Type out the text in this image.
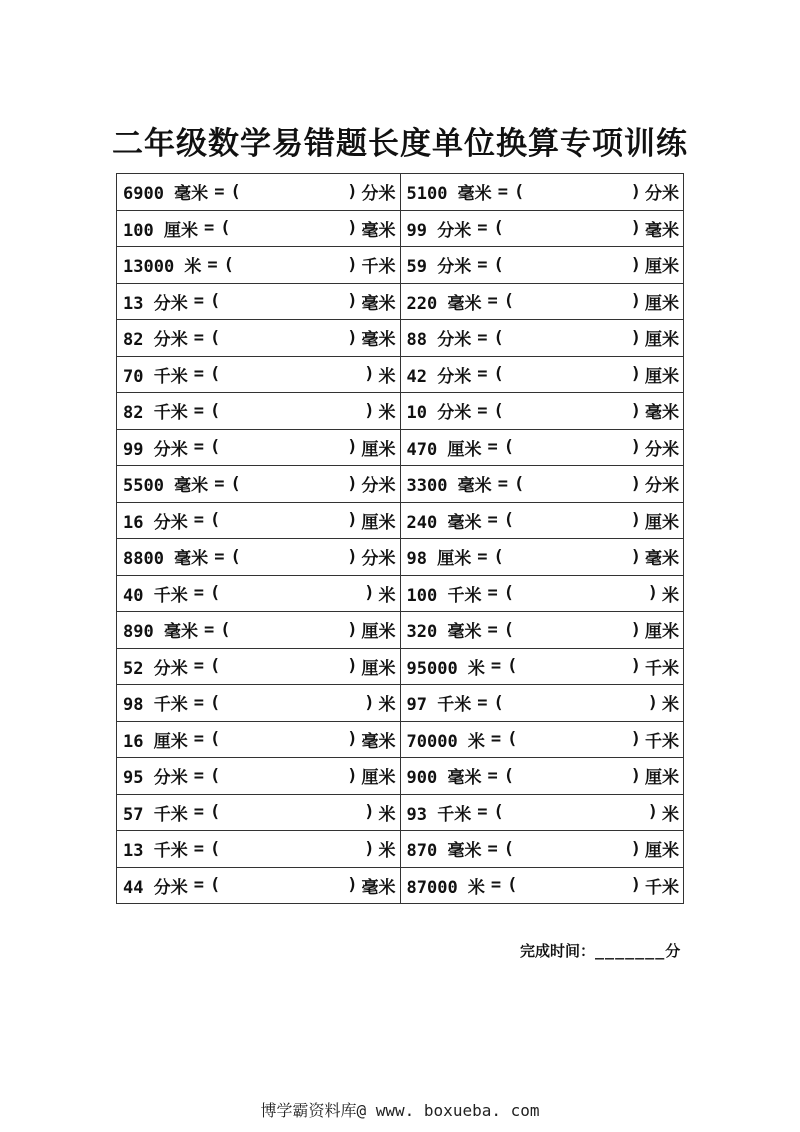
二年级数学易错题长度单位换算专项训练
6900 毫米 = ( ) 分米	5100 毫米 = ( ) 分米

100 厘米 = ( ) 毫米	99 分米 = ( ) 毫米

13000 米 = ( ) 千米	59 分米 = ( ) 厘米

13 分米 = ( ) 毫米	220 毫米 = ( ) 厘米

82 分米 = ( ) 毫米	88 分米 = ( ) 厘米

70 千米 = ( ) 米	42 分米 = ( ) 厘米

82 千米 = ( ) 米	10 分米 = ( ) 毫米

99 分米 = ( ) 厘米	470 厘米 = ( ) 分米

5500 毫米 = ( ) 分米	3300 毫米 = ( ) 分米

16 分米 = ( ) 厘米	240 毫米 = ( ) 厘米

8800 毫米 = ( ) 分米	98 厘米 = ( ) 毫米

40 千米 = ( ) 米	100 千米 = ( ) 米

890 毫米 = ( ) 厘米	320 毫米 = ( ) 厘米

52 分米 = ( ) 厘米	95000 米 = ( ) 千米

98 千米 = ( ) 米	97 千米 = ( ) 米

16 厘米 = ( ) 毫米	70000 米 = ( ) 千米

95 分米 = ( ) 厘米	900 毫米 = ( ) 厘米

57 千米 = ( ) 米	93 千米 = ( ) 米

13 千米 = ( ) 米	870 毫米 = ( ) 厘米

44 分米 = ( ) 毫米	87000 米 = ( ) 千米
完成时间：_______分
博学霸资料库@ www. boxueba. com
